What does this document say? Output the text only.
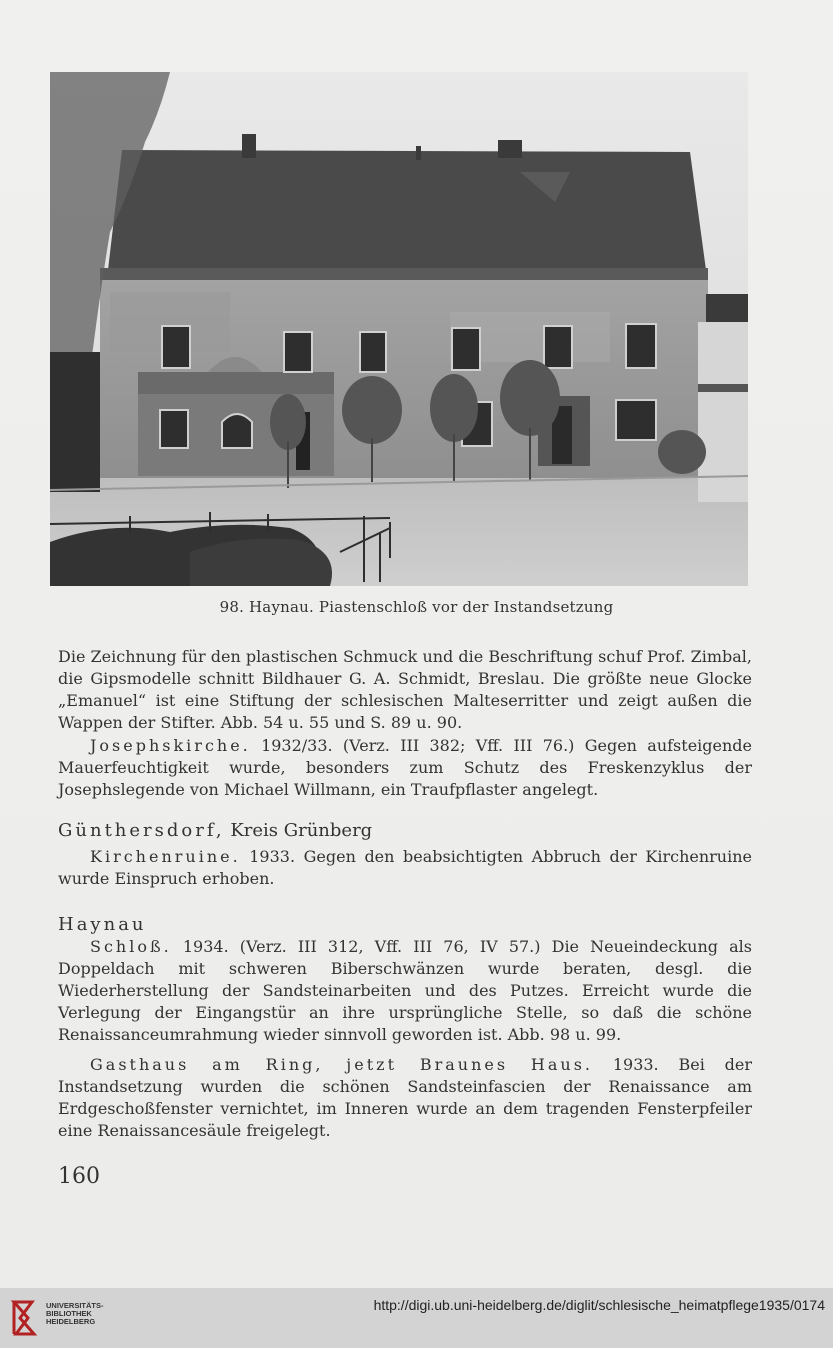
98. Haynau. Piastenschloß vor der Instandsetzung

Die Zeichnung für den plastischen Schmuck und die Beschriftung schuf Prof. Zimbal, die Gipsmodelle schnitt Bildhauer G. A. Schmidt, Breslau. Die größte neue Glocke „Emanuel“ ist eine Stiftung der schlesischen Malteserritter und zeigt außen die Wappen der Stifter. Abb. 54 u. 55 und S. 89 u. 90.

Josephskirche. 1932/33. (Verz. III 382; Vff. III 76.) Gegen aufsteigende Mauerfeuchtigkeit wurde, besonders zum Schutz des Freskenzyklus der Josephslegende von Michael Willmann, ein Traufpflaster angelegt.

Günthersdorf, Kreis Grünberg

Kirchenruine. 1933. Gegen den beabsichtigten Abbruch der Kirchenruine wurde Einspruch erhoben.

Haynau

Schloß. 1934. (Verz. III 312, Vff. III 76, IV 57.) Die Neueindeckung als Doppeldach mit schweren Biberschwänzen wurde beraten, desgl. die Wiederherstellung der Sandsteinarbeiten und des Putzes. Erreicht wurde die Verlegung der Eingangstür an ihre ursprüngliche Stelle, so daß die schöne Renaissanceumrahmung wieder sinnvoll geworden ist. Abb. 98 u. 99.

Gasthaus am Ring, jetzt Braunes Haus. 1933. Bei der Instandsetzung wurden die schönen Sandsteinfascien der Renaissance am Erdgeschoßfenster vernichtet, im Inneren wurde an dem tragenden Fensterpfeiler eine Renaissancesäule freigelegt.

160
UNIVERSITÄTS-
BIBLIOTHEK
HEIDELBERG
http://digi.ub.uni-heidelberg.de/diglit/schlesische_heimatpflege1935/0174
